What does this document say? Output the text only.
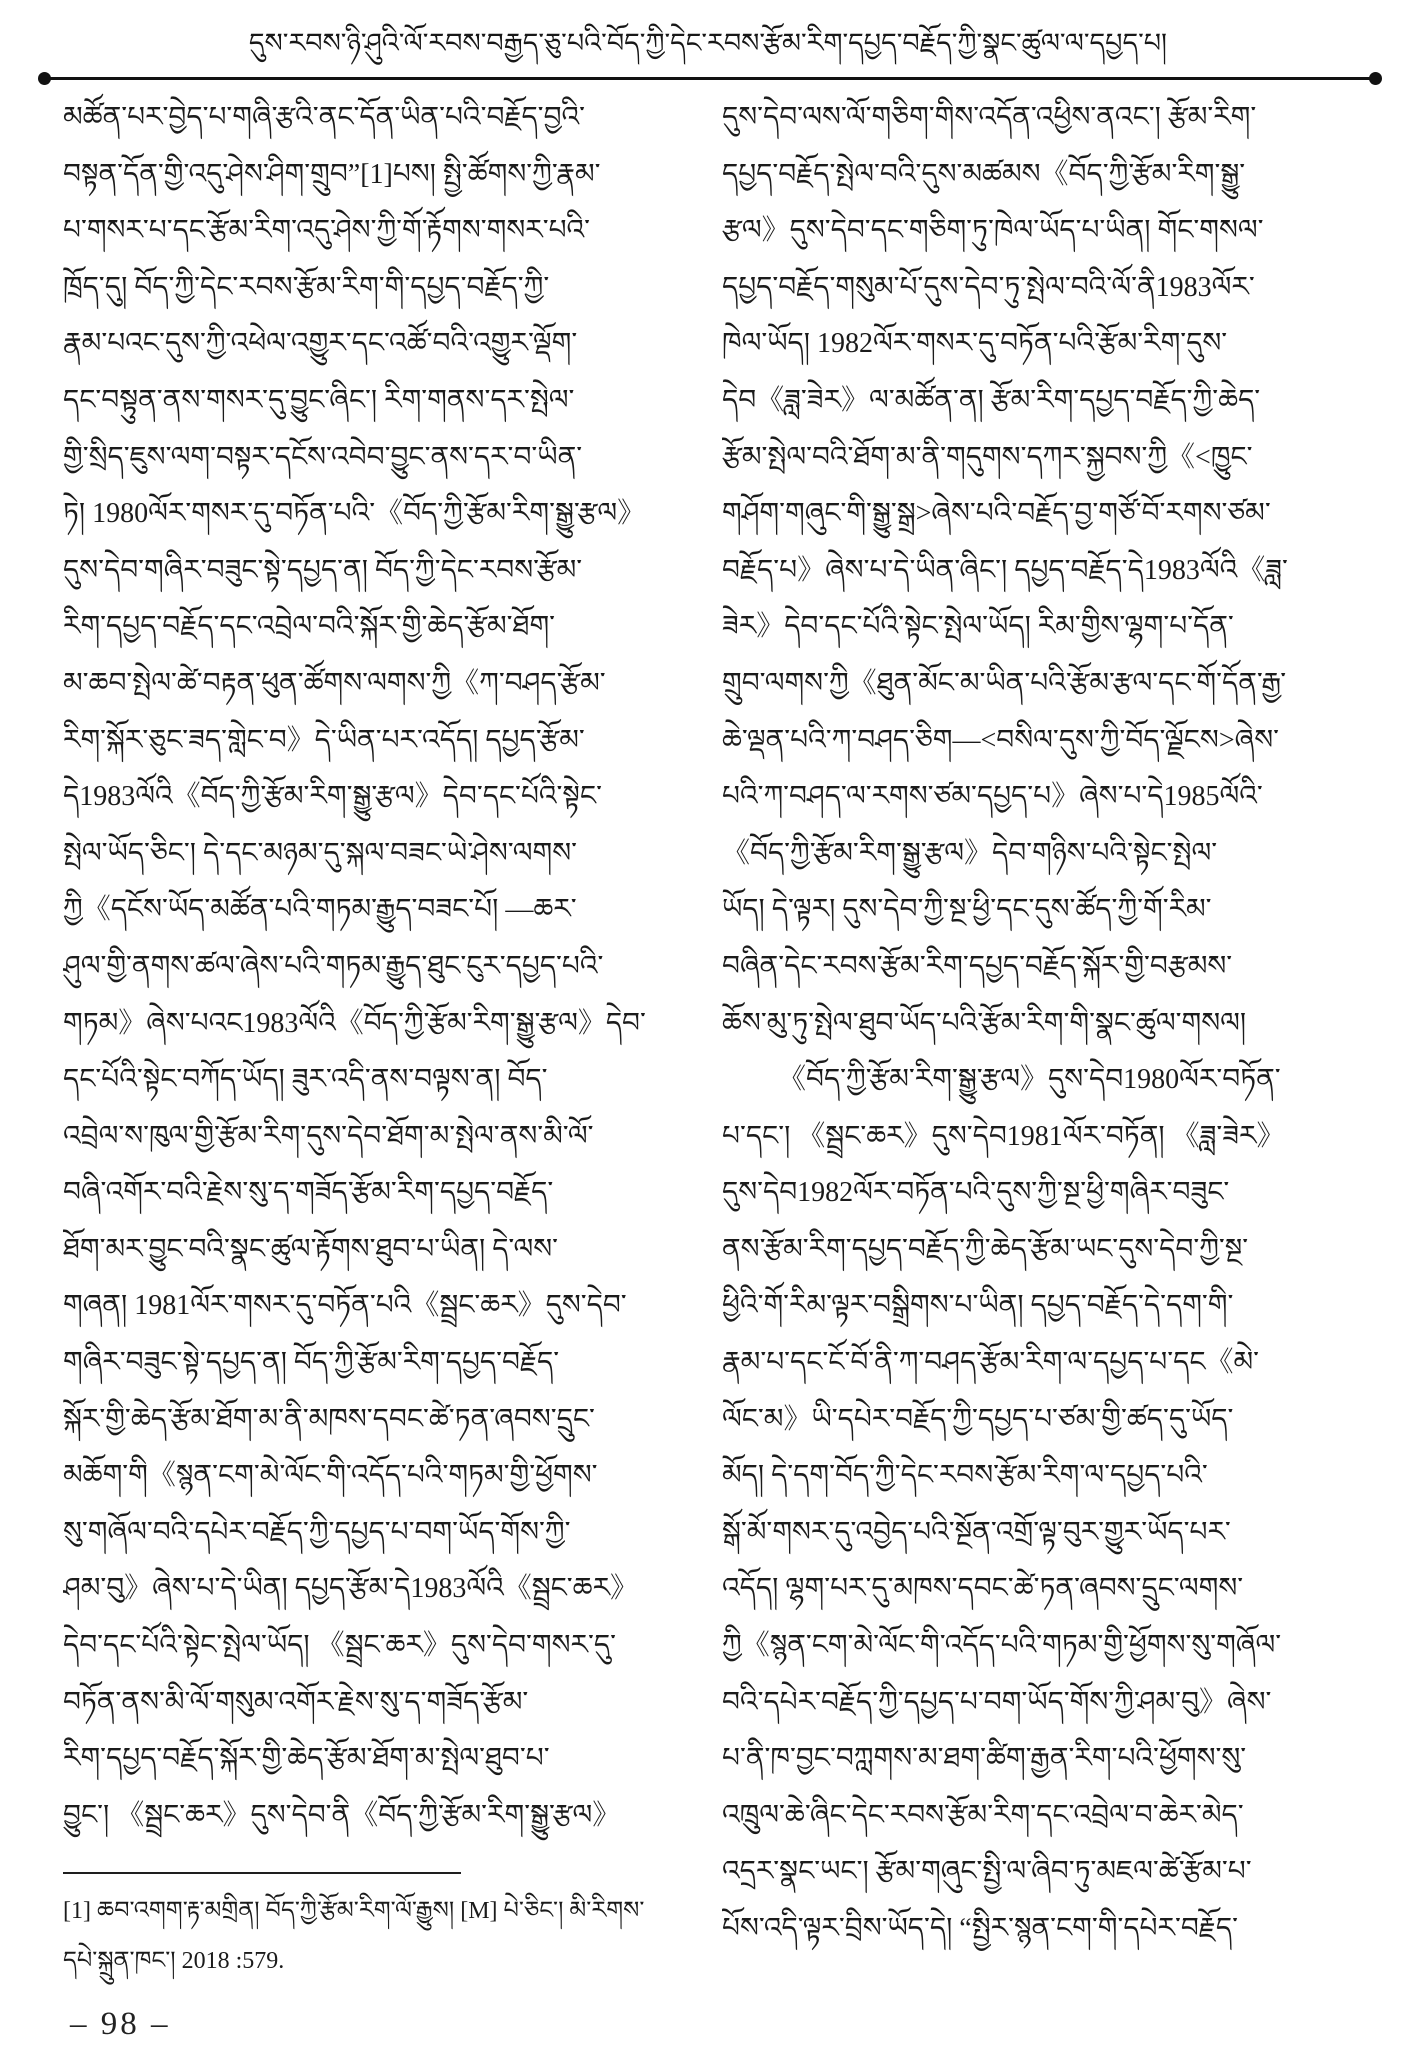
དུས་རབས་ཉི་ཤུའི་ལོ་རབས་བརྒྱད་ཅུ་པའི་བོད་ཀྱི་དེང་རབས་རྩོམ་རིག་དཔྱད་བརྗོད་ཀྱི་སྣང་ཚུལ་ལ་དཔྱད་པ།
མཚོན་པར་བྱེད་པ་གཞི་རྩའི་ནང་དོན་ཡིན་པའི་བརྗོད་བྱའི་
བསྟན་དོན་གྱི་འདུ་ཤེས་ཤིག་གྲུབ”[1]པས། སྤྱི་ཚོགས་ཀྱི་རྣམ་
པ་གསར་པ་དང་རྩོམ་རིག་འདུ་ཤེས་ཀྱི་གོ་རྟོགས་གསར་པའི་
ཁྲོད་དུ། བོད་ཀྱི་དེང་རབས་རྩོམ་རིག་གི་དཔྱད་བརྗོད་ཀྱི་
རྣམ་པའང་དུས་ཀྱི་འཕེལ་འགྱུར་དང་འཚོ་བའི་འགྱུར་ལྡོག་
དང་བསྟུན་ནས་གསར་དུ་བྱུང་ཞིང་། རིག་གནས་དར་སྤེལ་
གྱི་སྲིད་ཇུས་ལག་བསྟར་དངོས་འབེབ་བྱུང་ནས་དར་བ་ཡིན་
ཏེ། 1980ལོར་གསར་དུ་བཏོན་པའི་《བོད་ཀྱི་རྩོམ་རིག་སྒྱུ་རྩལ》
དུས་དེབ་གཞིར་བཟུང་སྟེ་དཔྱད་ན། བོད་ཀྱི་དེང་རབས་རྩོམ་
རིག་དཔྱད་བརྗོད་དང་འབྲེལ་བའི་སྐོར་གྱི་ཆེད་རྩོམ་ཐོག་
མ་ཆབ་སྤེལ་ཚེ་བརྟན་ཕུན་ཚོགས་ལགས་ཀྱི《ཀ་བཤད་རྩོམ་
རིག་སྐོར་ཅུང་ཟད་གླེང་བ》དེ་ཡིན་པར་འདོད། དཔྱད་རྩོམ་
དེ1983ལོའི《བོད་ཀྱི་རྩོམ་རིག་སྒྱུ་རྩལ》དེབ་དང་པོའི་སྟེང་
སྤེལ་ཡོད་ཅིང་། དེ་དང་མཉམ་དུ་སྐལ་བཟང་ཡེ་ཤེས་ལགས་
ཀྱི《དངོས་ཡོད་མཚོན་པའི་གཏམ་རྒྱུད་བཟང་པོ། ―ཆར་
ཤུལ་གྱི་ནགས་ཚལ་ཞེས་པའི་གཏམ་རྒྱུད་ཐུང་ངུར་དཔྱད་པའི་
གཏམ》ཞེས་པའང1983ལོའི《བོད་ཀྱི་རྩོམ་རིག་སྒྱུ་རྩལ》དེབ་
དང་པོའི་སྟེང་བཀོད་ཡོད། ཟུར་འདི་ནས་བལྟས་ན། བོད་
འབྲེལ་ས་ཁུལ་གྱི་རྩོམ་རིག་དུས་དེབ་ཐོག་མ་སྤེལ་ནས་མི་ལོ་
བཞི་འགོར་བའི་རྗེས་སུ་ད་གཟོད་རྩོམ་རིག་དཔྱད་བརྗོད་
ཐོག་མར་བྱུང་བའི་སྣང་ཚུལ་རྟོགས་ཐུབ་པ་ཡིན། དེ་ལས་
གཞན། 1981ལོར་གསར་དུ་བཏོན་པའི《སྦྲང་ཆར》དུས་དེབ་
གཞིར་བཟུང་སྟེ་དཔྱད་ན། བོད་ཀྱི་རྩོམ་རིག་དཔྱད་བརྗོད་
སྐོར་གྱི་ཆེད་རྩོམ་ཐོག་མ་ནི་མཁས་དབང་ཚེ་ཏན་ཞབས་དྲུང་
མཆོག་གི《སྙན་ངག་མེ་ལོང་གི་འདོད་པའི་གཏམ་གྱི་ཕྱོགས་
སུ་གཞོལ་བའི་དཔེར་བརྗོད་ཀྱི་དཔྱད་པ་བག་ཡོད་གོས་ཀྱི་
ཤམ་བུ》ཞེས་པ་དེ་ཡིན། དཔྱད་རྩོམ་དེ1983ལོའི《སྦྲང་ཆར》
དེབ་དང་པོའི་སྟེང་སྤེལ་ཡོད། 《སྦྲང་ཆར》དུས་དེབ་གསར་དུ་
བཏོན་ནས་མི་ལོ་གསུམ་འགོར་རྗེས་སུ་ད་གཟོད་རྩོམ་
རིག་དཔྱད་བརྗོད་སྐོར་གྱི་ཆེད་རྩོམ་ཐོག་མ་སྤེལ་ཐུབ་པ་
བྱུང་། 《སྦྲང་ཆར》དུས་དེབ་ནི《བོད་ཀྱི་རྩོམ་རིག་སྒྱུ་རྩལ》
དུས་དེབ་ལས་ལོ་གཅིག་གིས་འདོན་འཕྱིས་ནའང་། རྩོམ་རིག་
དཔྱད་བརྗོད་སྤེལ་བའི་དུས་མཚམས《བོད་ཀྱི་རྩོམ་རིག་སྒྱུ་
རྩལ》དུས་དེབ་དང་གཅིག་ཏུ་ཁེལ་ཡོད་པ་ཡིན། གོང་གསལ་
དཔྱད་བརྗོད་གསུམ་པོ་དུས་དེབ་ཏུ་སྤེལ་བའི་ལོ་ནི1983ལོར་
ཁེལ་ཡོད། 1982ལོར་གསར་དུ་བཏོན་པའི་རྩོམ་རིག་དུས་
དེབ《ཟླ་ཟེར》ལ་མཚོན་ན། རྩོམ་རིག་དཔྱད་བརྗོད་ཀྱི་ཆེད་
རྩོམ་སྤེལ་བའི་ཐོག་མ་ནི་གདུགས་དཀར་སྐྱབས་ཀྱི《<ཁྱུང་
གཤོག་གཞུང་གི་སྒྱུ་སྒྲ>ཞེས་པའི་བརྗོད་བྱ་གཙོ་བོ་རགས་ཙམ་
བརྗོད་པ》ཞེས་པ་དེ་ཡིན་ཞིང་། དཔྱད་བརྗོད་དེ1983ལོའི《ཟླ་
ཟེར》དེབ་དང་པོའི་སྟེང་སྤེལ་ཡོད། རིམ་གྱིས་ལྷག་པ་དོན་
གྲུབ་ལགས་ཀྱི《ཐུན་མོང་མ་ཡིན་པའི་རྩོམ་རྩལ་དང་གོ་དོན་རྒྱ་
ཆེ་ལྡན་པའི་ཀ་བཤད་ཅིག―<བསིལ་དུས་ཀྱི་བོད་ལྗོངས>ཞེས་
པའི་ཀ་བཤད་ལ་རགས་ཙམ་དཔྱད་པ》ཞེས་པ་དེ1985ལོའི་
《བོད་ཀྱི་རྩོམ་རིག་སྒྱུ་རྩལ》དེབ་གཉིས་པའི་སྟེང་སྤེལ་
ཡོད། དེ་ལྟར། དུས་དེབ་ཀྱི་སྔ་ཕྱི་དང་དུས་ཚོད་ཀྱི་གོ་རིམ་
བཞིན་དེང་རབས་རྩོམ་རིག་དཔྱད་བརྗོད་སྐོར་གྱི་བརྩམས་
ཆོས་མུ་ཏུ་སྤེལ་ཐུབ་ཡོད་པའི་རྩོམ་རིག་གི་སྣང་ཚུལ་གསལ།
  《བོད་ཀྱི་རྩོམ་རིག་སྒྱུ་རྩལ》དུས་དེབ1980ལོར་བཏོན་
པ་དང་། 《སྦྲང་ཆར》དུས་དེབ1981ལོར་བཏོན། 《ཟླ་ཟེར》
དུས་དེབ1982ལོར་བཏོན་པའི་དུས་ཀྱི་སྔ་ཕྱི་གཞིར་བཟུང་
ནས་རྩོམ་རིག་དཔྱད་བརྗོད་ཀྱི་ཆེད་རྩོམ་ཡང་དུས་དེབ་ཀྱི་སྔ་
ཕྱིའི་གོ་རིམ་ལྟར་བསྒྲིགས་པ་ཡིན། དཔྱད་བརྗོད་དེ་དག་གི་
རྣམ་པ་དང་ངོ་བོ་ནི་ཀ་བཤད་རྩོམ་རིག་ལ་དཔྱད་པ་དང《མེ་
ལོང་མ》ཡི་དཔེར་བརྗོད་ཀྱི་དཔྱད་པ་ཙམ་གྱི་ཚད་དུ་ཡོད་
མོད། དེ་དག་བོད་ཀྱི་དེང་རབས་རྩོམ་རིག་ལ་དཔྱད་པའི་
སྒོ་མོ་གསར་དུ་འབྱེད་པའི་སྔོན་འགྲོ་ལྟ་བུར་གྱུར་ཡོད་པར་
འདོད། ལྷག་པར་དུ་མཁས་དབང་ཚེ་ཏན་ཞབས་དྲུང་ལགས་
ཀྱི《སྙན་ངག་མེ་ལོང་གི་འདོད་པའི་གཏམ་གྱི་ཕྱོགས་སུ་གཞོལ་
བའི་དཔེར་བརྗོད་ཀྱི་དཔྱད་པ་བག་ཡོད་གོས་ཀྱི་ཤམ་བུ》ཞེས་
པ་ནི་ཁ་བྱང་བཀླགས་མ་ཐག་ཚིག་རྒྱན་རིག་པའི་ཕྱོགས་སུ་
འཁྲུལ་ཆེ་ཞིང་དེང་རབས་རྩོམ་རིག་དང་འབྲེལ་བ་ཆེར་མེད་
འདྲར་སྣང་ཡང་། རྩོམ་གཞུང་སྤྱི་ལ་ཞིབ་ཏུ་མཇལ་ཚེ་རྩོམ་པ་
པོས་འདི་ལྟར་བྲིས་ཡོད་དེ། “སྤྱིར་སྙན་ངག་གི་དཔེར་བརྗོད་
[1] ཆབ་འགག་རྟ་མགྲིན། བོད་ཀྱི་རྩོམ་རིག་ལོ་རྒྱུས། [M] པེ་ཅིང་། མི་རིགས་
དཔེ་སྐྲུན་ཁང་། 2018 :579.
– 98 –
